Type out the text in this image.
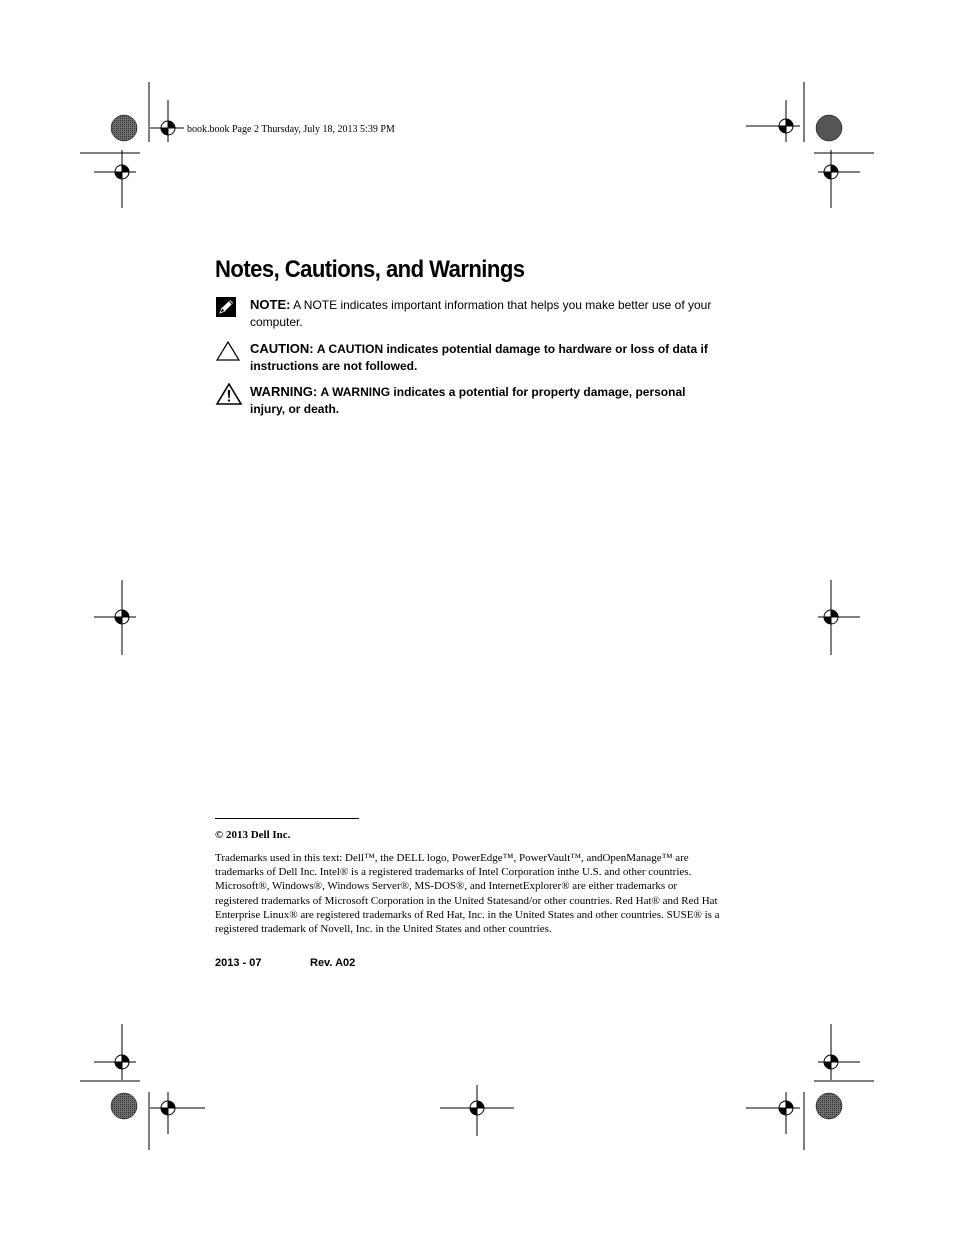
book.book Page 2 Thursday, July 18, 2013 5:39 PM
Notes, Cautions, and Warnings
NOTE: A NOTE indicates important information that helps you make better use of your computer.
CAUTION: A CAUTION indicates potential damage to hardware or loss of data if instructions are not followed.
WARNING: A WARNING indicates a potential for property damage, personal injury, or death.
© 2013 Dell Inc.

Trademarks used in this text: Dell™, the DELL logo, PowerEdge™, PowerVault™, andOpenManage™ are trademarks of Dell Inc. Intel® is a registered trademarks of Intel Corporation inthe U.S. and other countries. Microsoft®, Windows®, Windows Server®, MS-DOS®, and InternetExplorer® are either trademarks or registered trademarks of Microsoft Corporation in the United Statesand/or other countries. Red Hat® and Red Hat Enterprise Linux® are registered trademarks of Red Hat, Inc. in the United States and other countries. SUSE® is a registered trademark of Novell, Inc. in the United States and other countries.

2013 - 07	Rev. A02
